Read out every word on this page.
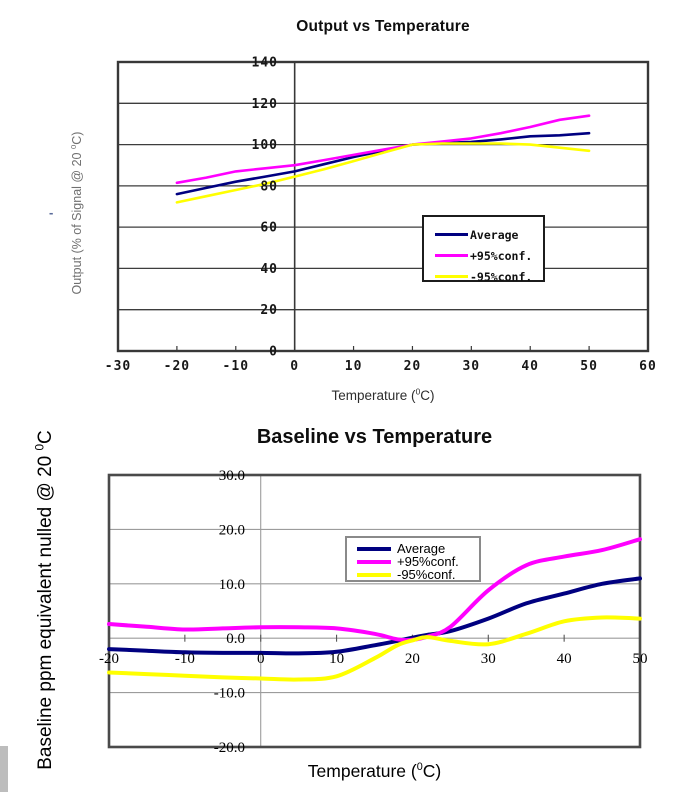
0
20
40
60
80
100
120
140
-30 -20 -10	0	10	20	30	40	50	60
-20.0
-10.0
0.0
10.0
20.0
30.0
-20	-10	0	10	20	30	40	50
Output vs Temperature
Output (% of Signal @ 20 $^0$C)
-
Temperature ($^0$C)
Average
+95%conf.
-95%conf.
Baseline vs Temperature
Baseline ppm equivalent nulled @ 20 $^0$C
Temperature ($^0$C)
Average
+95%conf.
-95%conf.
